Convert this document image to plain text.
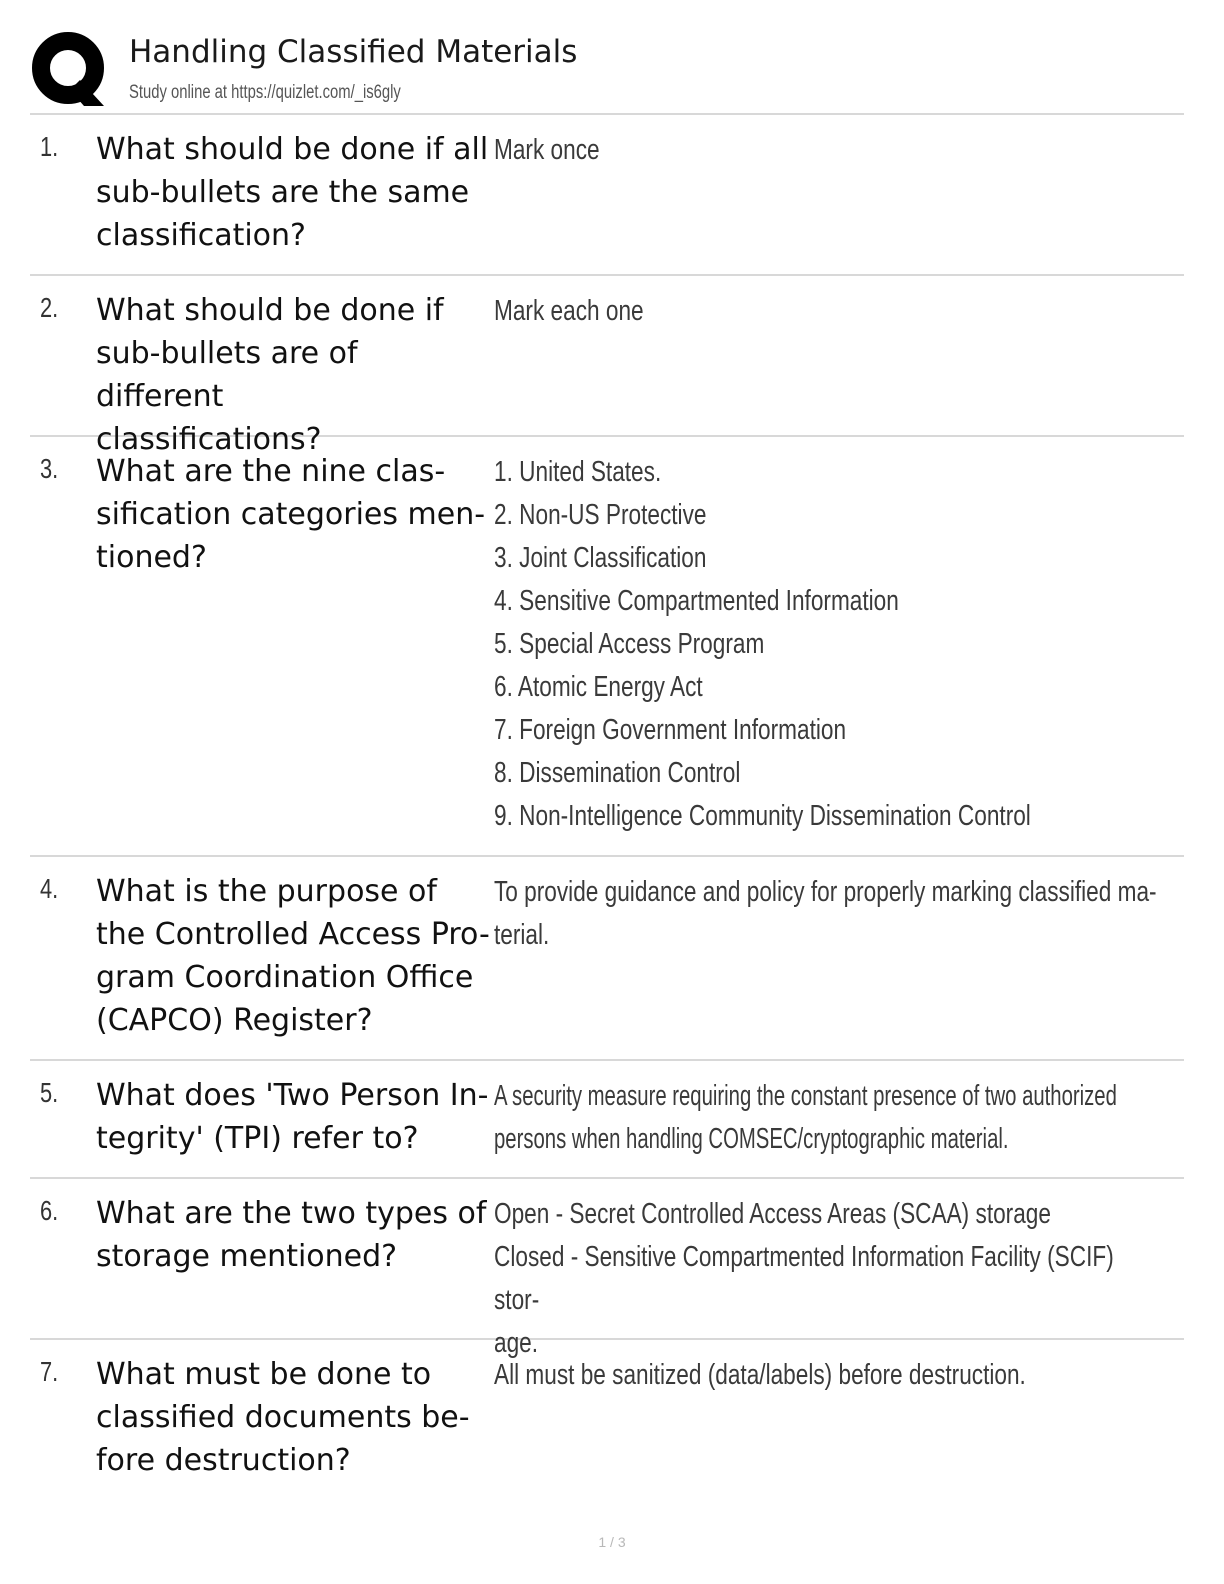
Handling Classified Materials
Study online at https://quizlet.com/_is6gly
1. What should be done if all
sub-bullets are the same
classification?
Mark once
2. What should be done if
sub-bullets are of different
classifications?
Mark each one
3. What are the nine clas-
sification categories men-
tioned?
1. United States.
2. Non-US Protective
3. Joint Classification
4. Sensitive Compartmented Information
5. Special Access Program
6. Atomic Energy Act
7. Foreign Government Information
8. Dissemination Control
9. Non-Intelligence Community Dissemination Control
4. What is the purpose of
the Controlled Access Pro-
gram Coordination Office
(CAPCO) Register?
To provide guidance and policy for properly marking classified ma-
terial.
5. What does 'Two Person In-
tegrity' (TPI) refer to?
A security measure requiring the constant presence of two authorized
persons when handling COMSEC/cryptographic material.
6. What are the two types of
storage mentioned?
Open - Secret Controlled Access Areas (SCAA) storage
Closed - Sensitive Compartmented Information Facility (SCIF) stor-
age.
7. What must be done to
classified documents be-
fore destruction?
All must be sanitized (data/labels) before destruction.
1 / 3
